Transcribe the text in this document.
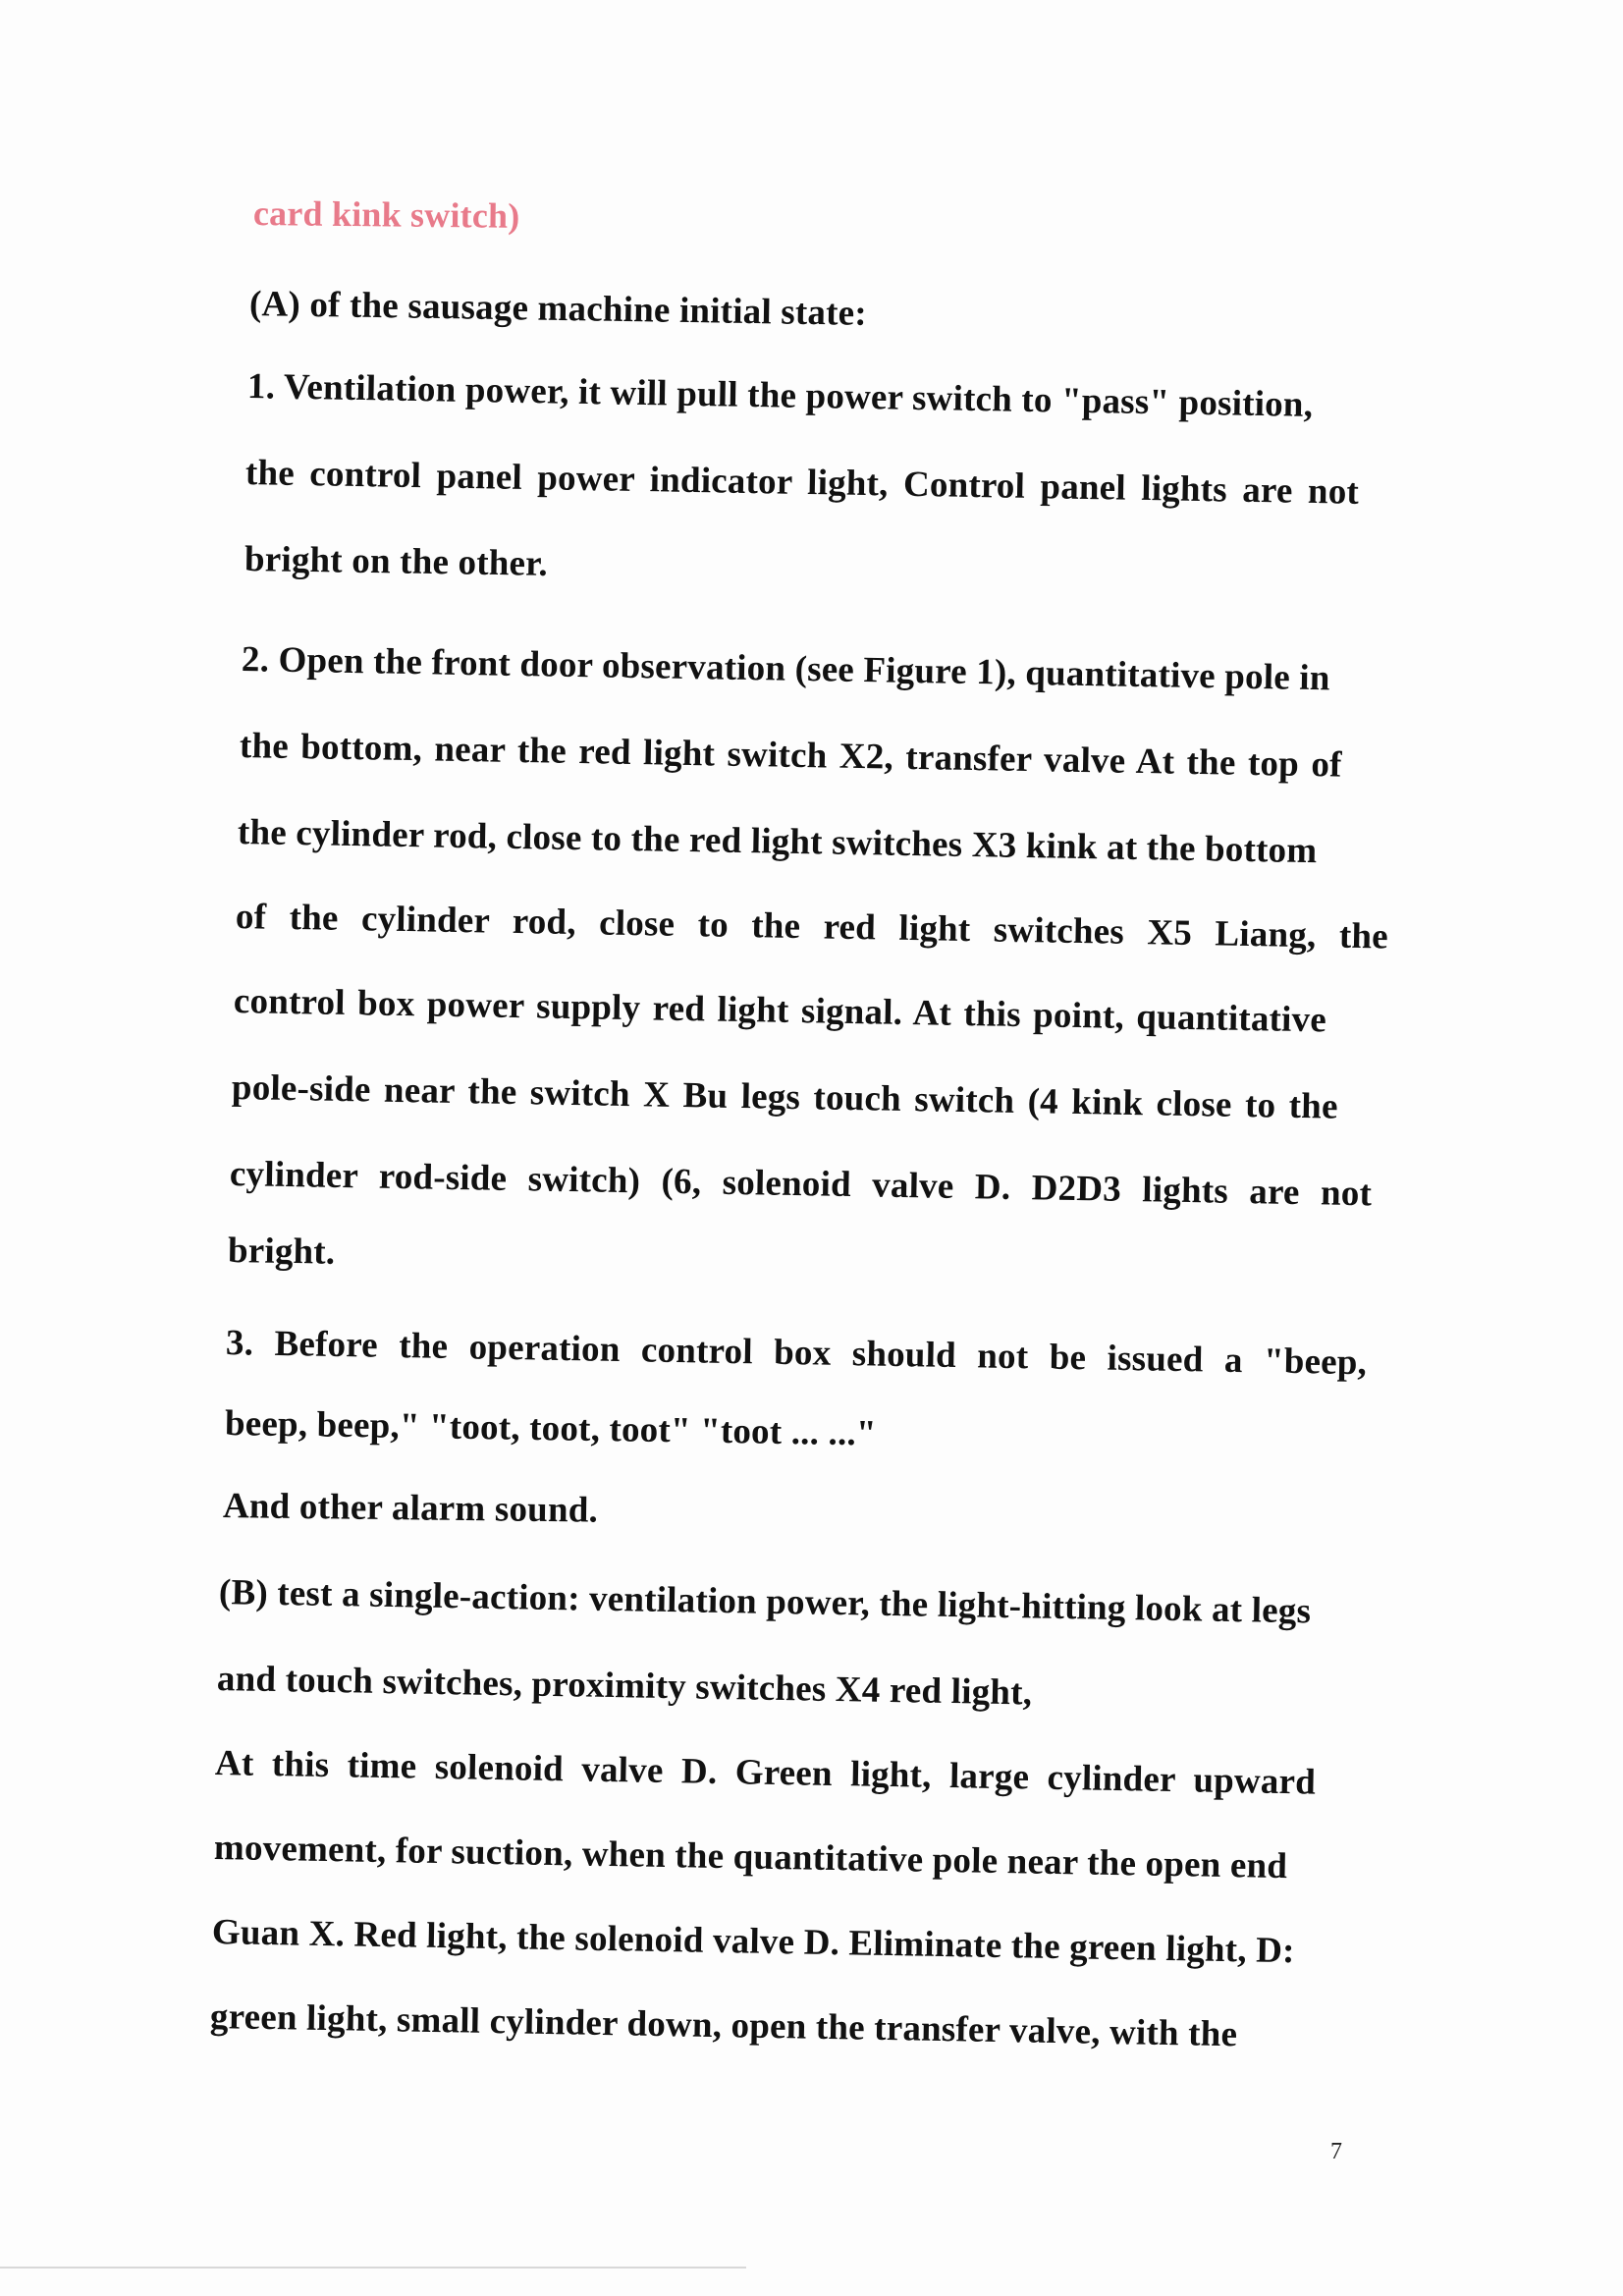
card kink switch)
(A) of the sausage machine initial state:
1. Ventilation power, it will pull the power switch to "pass" position,
the control panel power indicator light, Control panel lights are not
bright on the other.
2. Open the front door observation (see Figure 1), quantitative pole in
the bottom, near the red light switch X2, transfer valve At the top of
the cylinder rod, close to the red light switches X3 kink at the bottom
of the cylinder rod, close to the red light switches X5 Liang, the
control box power supply red light signal. At this point, quantitative
pole-side near the switch X Bu legs touch switch (4 kink close to the
cylinder rod-side switch) (6, solenoid valve D. D2D3 lights are not
bright.
3. Before the operation control box should not be issued a "beep,
beep, beep," "toot, toot, toot" "toot ... ..."
And other alarm sound.
(B) test a single-action: ventilation power, the light-hitting look at legs
and touch switches, proximity switches X4 red light,
At this time solenoid valve D. Green light, large cylinder upward
movement, for suction, when the quantitative pole near the open end
Guan X. Red light, the solenoid valve D. Eliminate the green light, D:
green light, small cylinder down, open the transfer valve, with the
7
